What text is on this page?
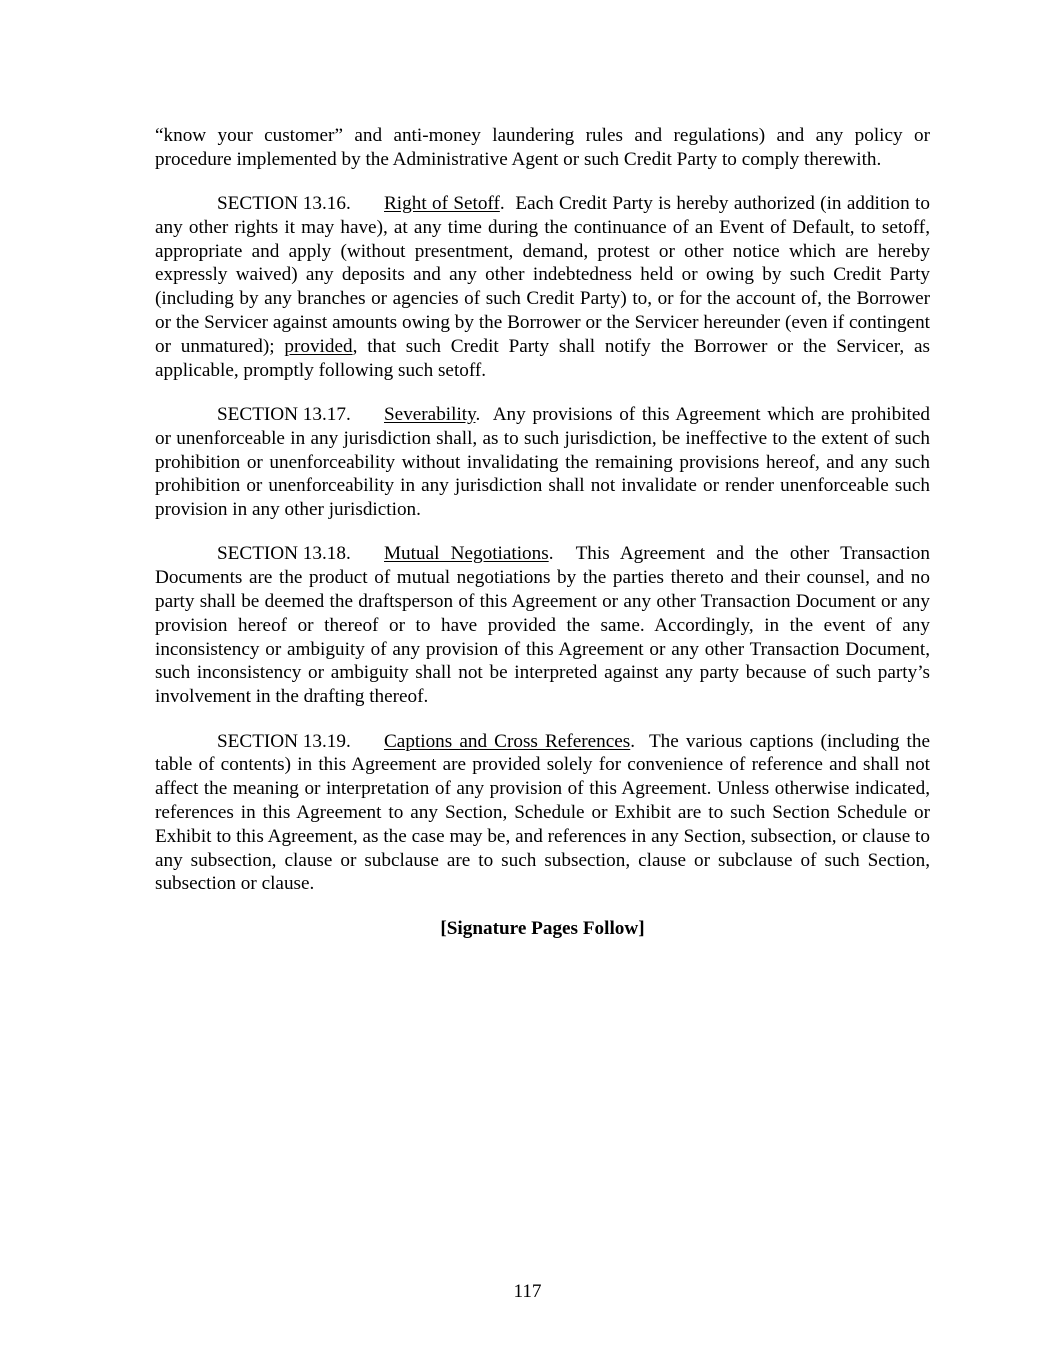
“know your customer” and anti-money laundering rules and regulations) and any policy or procedure implemented by the Administrative Agent or such Credit Party to comply therewith.

SECTION 13.16. Right of Setoff.  Each Credit Party is hereby authorized (in addition to any other rights it may have), at any time during the continuance of an Event of Default, to setoff, appropriate and apply (without presentment, demand, protest or other notice which are hereby expressly waived) any deposits and any other indebtedness held or owing by such Credit Party (including by any branches or agencies of such Credit Party) to, or for the account of, the Borrower or the Servicer against amounts owing by the Borrower or the Servicer hereunder (even if contingent or unmatured); provided, that such Credit Party shall notify the Borrower or the Servicer, as applicable, promptly following such setoff.

SECTION 13.17. Severability.  Any provisions of this Agreement which are prohibited or unenforceable in any jurisdiction shall, as to such jurisdiction, be ineffective to the extent of such prohibition or unenforceability without invalidating the remaining provisions hereof, and any such prohibition or unenforceability in any jurisdiction shall not invalidate or render unenforceable such provision in any other jurisdiction.

SECTION 13.18. Mutual Negotiations.  This Agreement and the other Transaction Documents are the product of mutual negotiations by the parties thereto and their counsel, and no party shall be deemed the draftsperson of this Agreement or any other Transaction Document or any provision hereof or thereof or to have provided the same. Accordingly, in the event of any inconsistency or ambiguity of any provision of this Agreement or any other Transaction Document, such inconsistency or ambiguity shall not be interpreted against any party because of such party’s involvement in the drafting thereof.

SECTION 13.19. Captions and Cross References.  The various captions (including the table of contents) in this Agreement are provided solely for convenience of reference and shall not affect the meaning or interpretation of any provision of this Agreement. Unless otherwise indicated, references in this Agreement to any Section, Schedule or Exhibit are to such Section Schedule or Exhibit to this Agreement, as the case may be, and references in any Section, subsection, or clause to any subsection, clause or subclause are to such subsection, clause or subclause of such Section, subsection or clause.

[Signature Pages Follow]

117
